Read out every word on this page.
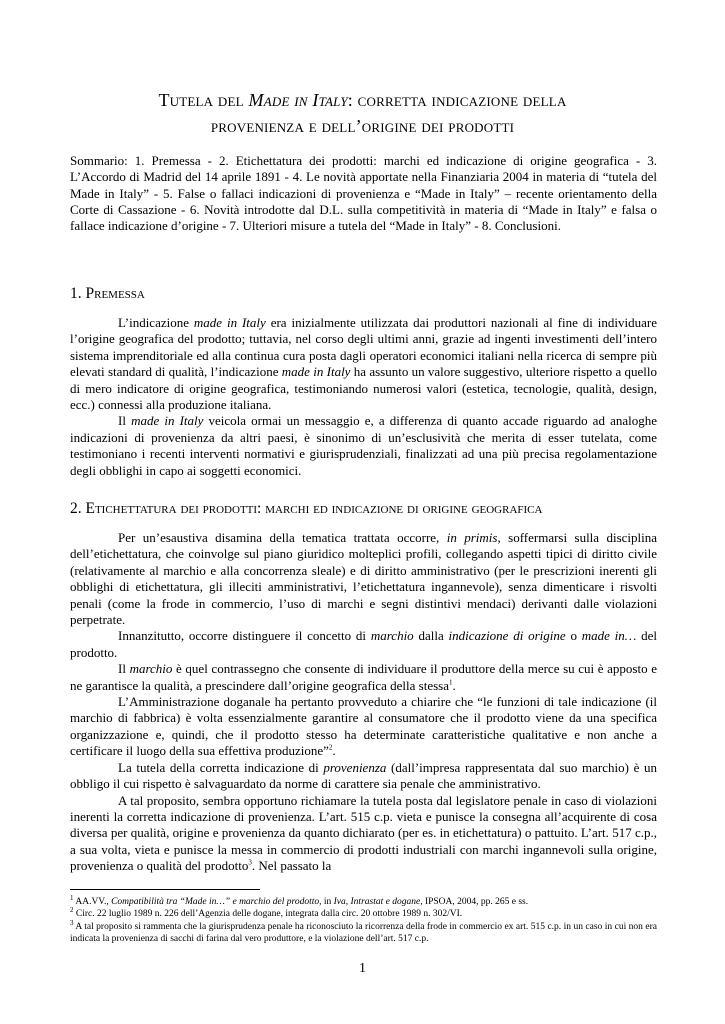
Tutela del Made in Italy: corretta indicazione della
provenienza e dell’origine dei prodotti
Sommario: 1. Premessa - 2. Etichettatura dei prodotti: marchi ed indicazione di origine geografica - 3. L’Accordo di Madrid del 14 aprile 1891 - 4. Le novità apportate nella Finanziaria 2004 in materia di “tutela del Made in Italy” - 5. False o fallaci indicazioni di provenienza e “Made in Italy” – recente orientamento della Corte di Cassazione - 6. Novità introdotte dal D.L. sulla competitività in materia di “Made in Italy” e falsa o fallace indicazione d’origine - 7. Ulteriori misure a tutela del “Made in Italy” - 8. Conclusioni.
1. Premessa

L’indicazione made in Italy era inizialmente utilizzata dai produttori nazionali al fine di individuare l’origine geografica del prodotto; tuttavia, nel corso degli ultimi anni, grazie ad ingenti investimenti dell’intero sistema imprenditoriale ed alla continua cura posta dagli operatori economici italiani nella ricerca di sempre più elevati standard di qualità, l’indicazione made in Italy ha assunto un valore suggestivo, ulteriore rispetto a quello di mero indicatore di origine geografica, testimoniando numerosi valori (estetica, tecnologie, qualità, design, ecc.) connessi alla produzione italiana.

Il made in Italy veicola ormai un messaggio e, a differenza di quanto accade riguardo ad analoghe indicazioni di provenienza da altri paesi, è sinonimo di un’esclusività che merita di esser tutelata, come testimoniano i recenti interventi normativi e giurisprudenziali, finalizzati ad una più precisa regolamentazione degli obblighi in capo ai soggetti economici.

2. Etichettatura dei prodotti: marchi ed indicazione di origine geografica

Per un’esaustiva disamina della tematica trattata occorre, in primis, soffermarsi sulla disciplina dell’etichettatura, che coinvolge sul piano giuridico molteplici profili, collegando aspetti tipici di diritto civile (relativamente al marchio e alla concorrenza sleale) e di diritto amministrativo (per le prescrizioni inerenti gli obblighi di etichettatura, gli illeciti amministrativi, l’etichettatura ingannevole), senza dimenticare i risvolti penali (come la frode in commercio, l’uso di marchi e segni distintivi mendaci) derivanti dalle violazioni perpetrate.

Innanzitutto, occorre distinguere il concetto di marchio dalla indicazione di origine o made in… del prodotto.

Il marchio è quel contrassegno che consente di individuare il produttore della merce su cui è apposto e ne garantisce la qualità, a prescindere dall’origine geografica della stessa$^1$.

L’Amministrazione doganale ha pertanto provveduto a chiarire che “le funzioni di tale indicazione (il marchio di fabbrica) è volta essenzialmente garantire al consumatore che il prodotto viene da una specifica organizzazione e, quindi, che il prodotto stesso ha determinate caratteristiche qualitative e non anche a certificare il luogo della sua effettiva produzione”$^2$.

La tutela della corretta indicazione di provenienza (dall’impresa rappresentata dal suo marchio) è un obbligo il cui rispetto è salvaguardato da norme di carattere sia penale che amministrativo.

A tal proposito, sembra opportuno richiamare la tutela posta dal legislatore penale in caso di violazioni inerenti la corretta indicazione di provenienza. L’art. 515 c.p. vieta e punisce la consegna all’acquirente di cosa diversa per qualità, origine e provenienza da quanto dichiarato (per es. in etichettatura) o pattuito. L’art. 517 c.p., a sua volta, vieta e punisce la messa in commercio di prodotti industriali con marchi ingannevoli sulla origine, provenienza o qualità del prodotto$^3$. Nel passato la

$^1$ AA.VV., Compatibilità tra “Made in…” e marchio del prodotto, in Iva, Intrastat e dogane, IPSOA, 2004, pp. 265 e ss.
$^2$ Circ. 22 luglio 1989 n. 226 dell’Agenzia delle dogane, integrata dalla circ. 20 ottobre 1989 n. 302/VI.
$^3$ A tal proposito si rammenta che la giurisprudenza penale ha riconosciuto la ricorrenza della frode in commercio ex art. 515 c.p. in un caso in cui non era indicata la provenienza di sacchi di farina dal vero produttore, e la violazione dell’art. 517 c.p.
1
